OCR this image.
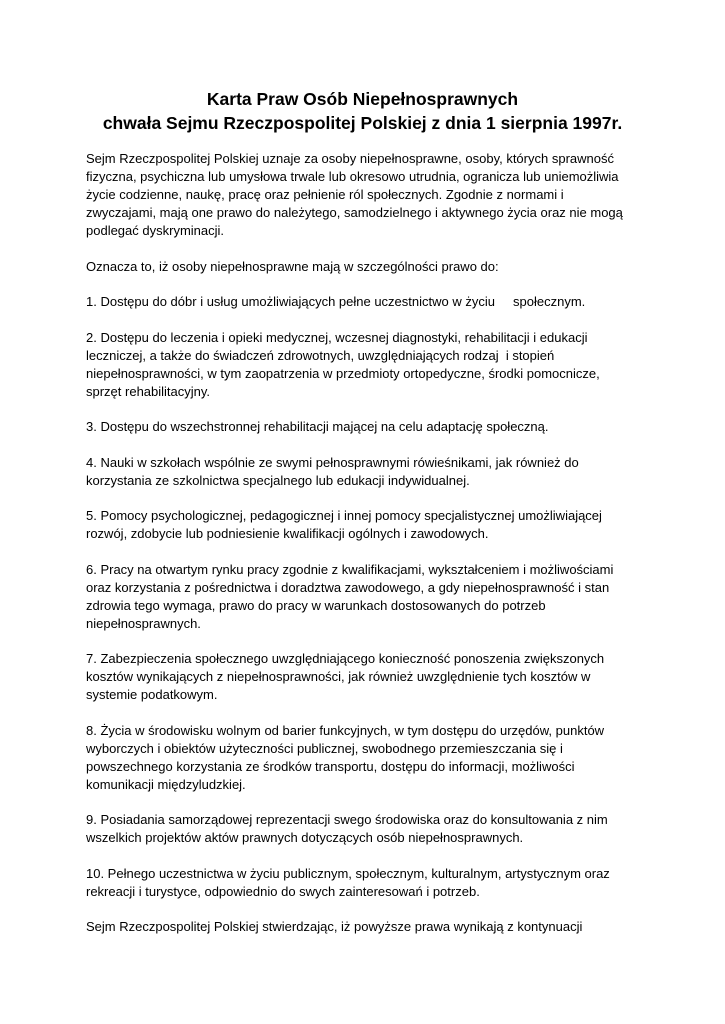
Karta Praw Osób Niepełnosprawnych
chwała Sejmu Rzeczpospolitej Polskiej z dnia 1 sierpnia 1997r.

Sejm Rzeczpospolitej Polskiej uznaje za osoby niepełnosprawne, osoby, których sprawność
fizyczna, psychiczna lub umysłowa trwale lub okresowo utrudnia, ogranicza lub uniemożliwia
życie codzienne, naukę, pracę oraz pełnienie ról społecznych. Zgodnie z normami i
zwyczajami, mają one prawo do należytego, samodzielnego i aktywnego życia oraz nie mogą
podlegać dyskryminacji.

Oznacza to, iż osoby niepełnosprawne mają w szczególności prawo do:

1. Dostępu do dóbr i usług umożliwiających pełne uczestnictwo w życiu     społecznym.

2. Dostępu do leczenia i opieki medycznej, wczesnej diagnostyki, rehabilitacji i edukacji
leczniczej, a także do świadczeń zdrowotnych, uwzględniających rodzaj  i stopień
niepełnosprawności, w tym zaopatrzenia w przedmioty ortopedyczne, środki pomocnicze,
sprzęt rehabilitacyjny.

3. Dostępu do wszechstronnej rehabilitacji mającej na celu adaptację społeczną.

4. Nauki w szkołach wspólnie ze swymi pełnosprawnymi rówieśnikami, jak również do
korzystania ze szkolnictwa specjalnego lub edukacji indywidualnej.

5. Pomocy psychologicznej, pedagogicznej i innej pomocy specjalistycznej umożliwiającej
rozwój, zdobycie lub podniesienie kwalifikacji ogólnych i zawodowych.

6. Pracy na otwartym rynku pracy zgodnie z kwalifikacjami, wykształceniem i możliwościami
oraz korzystania z pośrednictwa i doradztwa zawodowego, a gdy niepełnosprawność i stan
zdrowia tego wymaga, prawo do pracy w warunkach dostosowanych do potrzeb
niepełnosprawnych.

7. Zabezpieczenia społecznego uwzględniającego konieczność ponoszenia zwiększonych
kosztów wynikających z niepełnosprawności, jak również uwzględnienie tych kosztów w
systemie podatkowym.

8. Życia w środowisku wolnym od barier funkcyjnych, w tym dostępu do urzędów, punktów
wyborczych i obiektów użyteczności publicznej, swobodnego przemieszczania się i
powszechnego korzystania ze środków transportu, dostępu do informacji, możliwości
komunikacji międzyludzkiej.

9. Posiadania samorządowej reprezentacji swego środowiska oraz do konsultowania z nim
wszelkich projektów aktów prawnych dotyczących osób niepełnosprawnych.

10. Pełnego uczestnictwa w życiu publicznym, społecznym, kulturalnym, artystycznym oraz
rekreacji i turystyce, odpowiednio do swych zainteresowań i potrzeb.

Sejm Rzeczpospolitej Polskiej stwierdzając, iż powyższe prawa wynikają z kontynuacji
